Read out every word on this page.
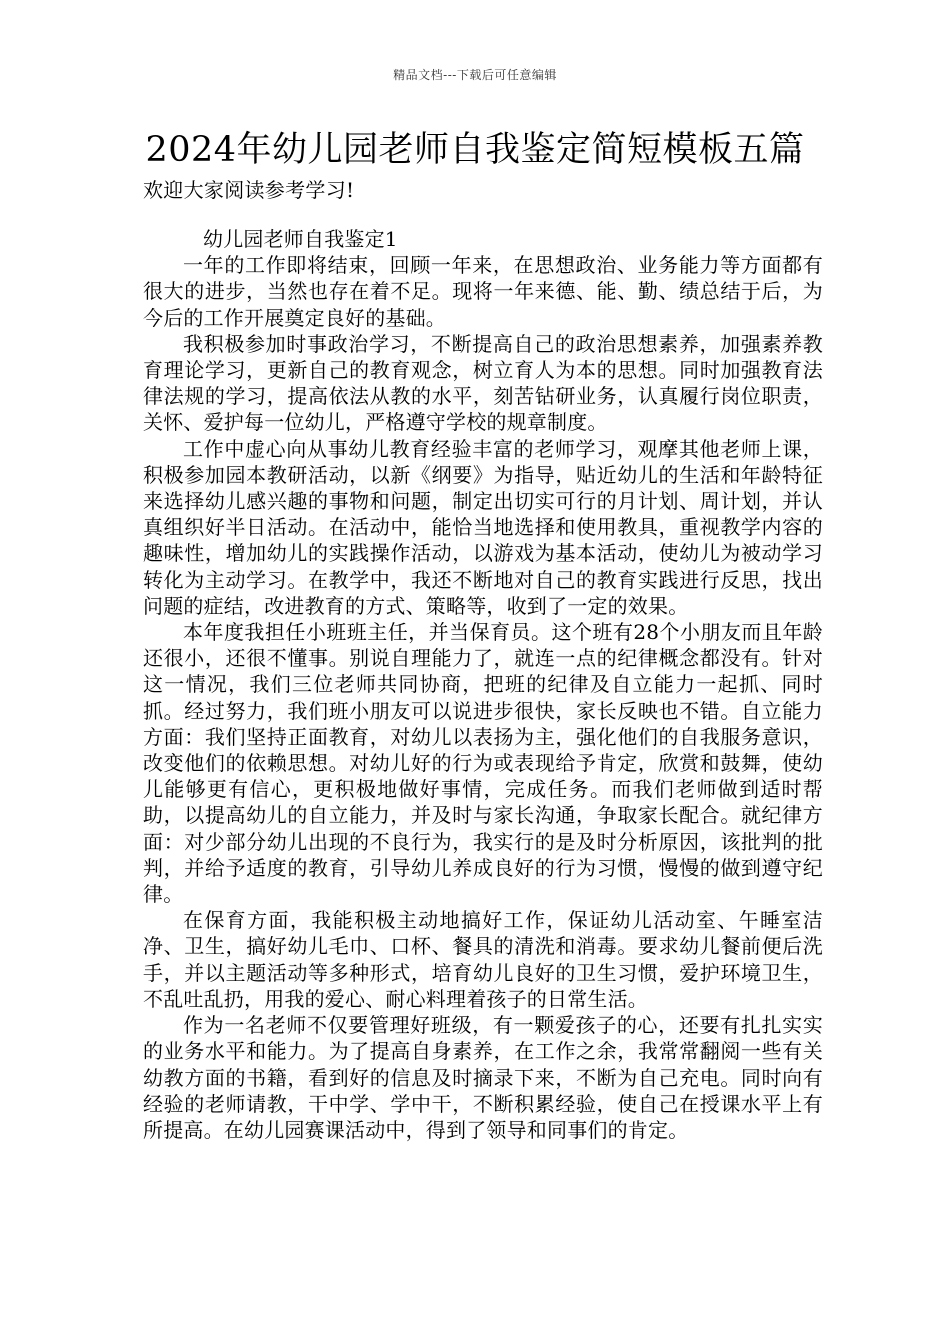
精品文档---下载后可任意编辑
2024年幼儿园老师自我鉴定简短模板五篇

欢迎大家阅读参考学习!

幼儿园老师自我鉴定1

一年的工作即将结束，回顾一年来，在思想政治、业务能力等方面都有很大的进步，当然也存在着不足。现将一年来德、能、勤、绩总结于后，为今后的工作开展奠定良好的基础。

我积极参加时事政治学习，不断提高自己的政治思想素养，加强素养教育理论学习，更新自己的教育观念，树立育人为本的思想。同时加强教育法律法规的学习，提高依法从教的水平，刻苦钻研业务，认真履行岗位职责，关怀、爱护每一位幼儿，严格遵守学校的规章制度。

工作中虚心向从事幼儿教育经验丰富的老师学习，观摩其他老师上课，积极参加园本教研活动，以新《纲要》为指导，贴近幼儿的生活和年龄特征来选择幼儿感兴趣的事物和问题，制定出切实可行的月计划、周计划，并认真组织好半日活动。在活动中，能恰当地选择和使用教具，重视教学内容的趣味性，增加幼儿的实践操作活动，以游戏为基本活动，使幼儿为被动学习转化为主动学习。在教学中，我还不断地对自己的教育实践进行反思，找出问题的症结，改进教育的方式、策略等，收到了一定的效果。

本年度我担任小班班主任，并当保育员。这个班有28个小朋友而且年龄还很小，还很不懂事。别说自理能力了，就连一点的纪律概念都没有。针对这一情况，我们三位老师共同协商，把班的纪律及自立能力一起抓、同时抓。经过努力，我们班小朋友可以说进步很快，家长反映也不错。自立能力方面：我们坚持正面教育，对幼儿以表扬为主，强化他们的自我服务意识，改变他们的依赖思想。对幼儿好的行为或表现给予肯定，欣赏和鼓舞，使幼儿能够更有信心，更积极地做好事情，完成任务。而我们老师做到适时帮助，以提高幼儿的自立能力，并及时与家长沟通，争取家长配合。就纪律方面：对少部分幼儿出现的不良行为，我实行的是及时分析原因，该批判的批判，并给予适度的教育，引导幼儿养成良好的行为习惯，慢慢的做到遵守纪律。

在保育方面，我能积极主动地搞好工作，保证幼儿活动室、午睡室洁净、卫生，搞好幼儿毛巾、口杯、餐具的清洗和消毒。要求幼儿餐前便后洗手，并以主题活动等多种形式，培育幼儿良好的卫生习惯，爱护环境卫生，不乱吐乱扔，用我的爱心、耐心料理着孩子的日常生活。

作为一名老师不仅要管理好班级，有一颗爱孩子的心，还要有扎扎实实的业务水平和能力。为了提高自身素养，在工作之余，我常常翻阅一些有关幼教方面的书籍，看到好的信息及时摘录下来，不断为自己充电。同时向有经验的老师请教，干中学、学中干，不断积累经验，使自己在授课水平上有所提高。在幼儿园赛课活动中，得到了领导和同事们的肯定。
